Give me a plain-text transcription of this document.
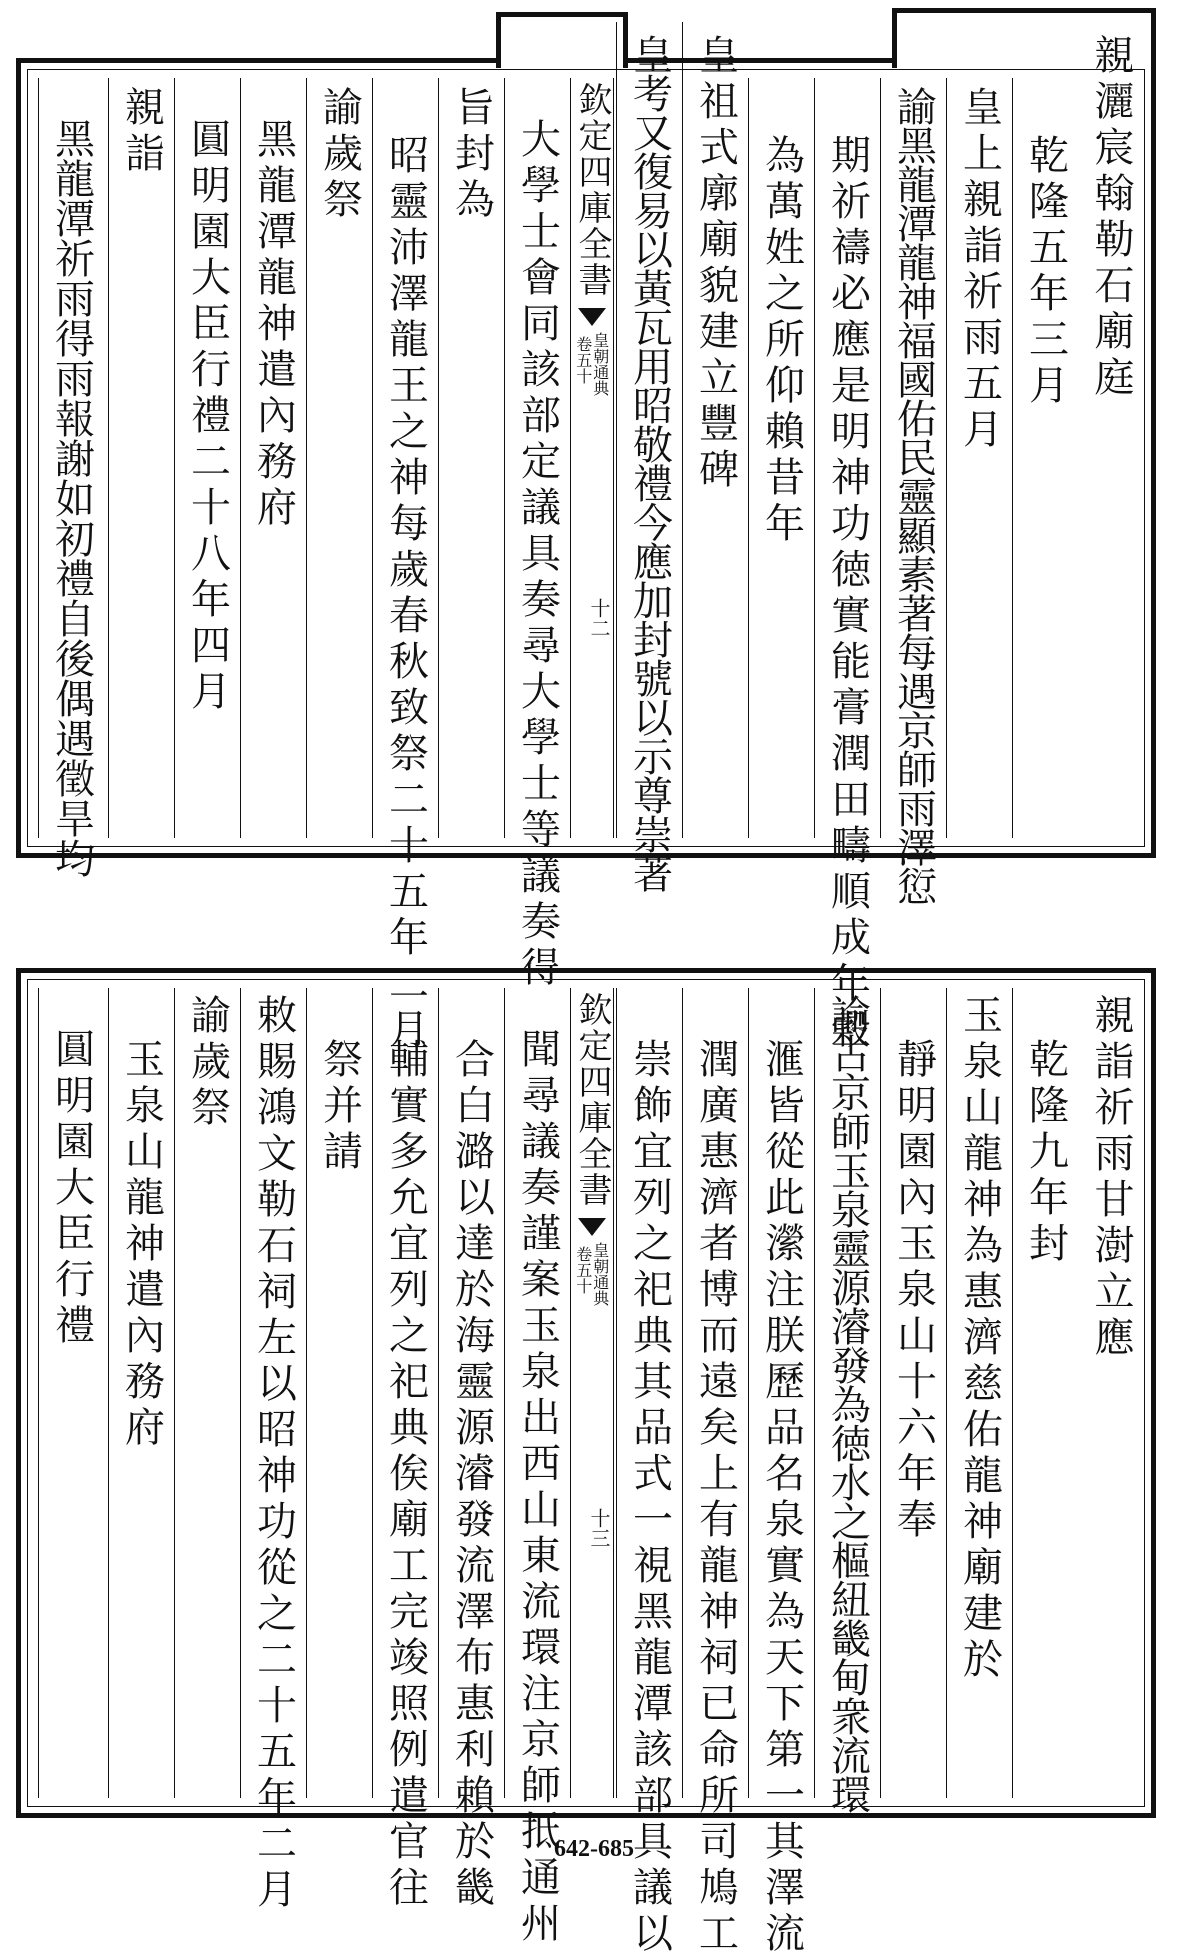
親灑宸翰勒石廟庭
乾隆五年三月
皇上親詣祈雨五月
諭黑龍潭龍神福國佑民靈顯素著每遇京師雨澤愆
期祈禱必應是明神功徳實能膏潤田疇順成年穀
為萬姓之所仰賴昔年
皇祖式廓廟貌建立豐碑
皇考又復易以黃瓦用昭敬禮今應加封號以示尊崇著
欽定四庫全書
皇朝通典
卷五十
十二
大學士會同該部定議具奏尋大學士等議奏得
旨封為
昭靈沛澤龍王之神每歲春秋致祭二十五年二月
諭歲祭
黑龍潭龍神遣內務府
圓明園大臣行禮二十八年四月
親詣
黑龍潭祈雨得雨報謝如初禮自後偶遇徵旱均
親詣祈雨甘澍立應
乾隆九年封
玉泉山龍神為惠濟慈佑龍神廟建於
靜明園內玉泉山十六年奉
諭古京師玉泉靈源濬發為徳水之樞紐畿甸衆流環
滙皆從此瀠注朕歷品名泉實為天下第一其澤流
潤廣惠濟者博而遠矣上有龍神祠已命所司鳩工
崇飾宜列之祀典其品式一視黑龍潭該部具議以
欽定四庫全書
皇朝通典
卷五十
十三
聞尋議奏謹案玉泉出西山東流環注京師抵通州
合白潞以達於海靈源濬發流澤布惠利賴於畿
輔實多允宜列之祀典俟廟工完竣照例遣官往
祭并請
敕賜鴻文勒石祠左以昭神功從之二十五年二月
諭歲祭
玉泉山龍神遣內務府
圓明園大臣行禮
642-685
